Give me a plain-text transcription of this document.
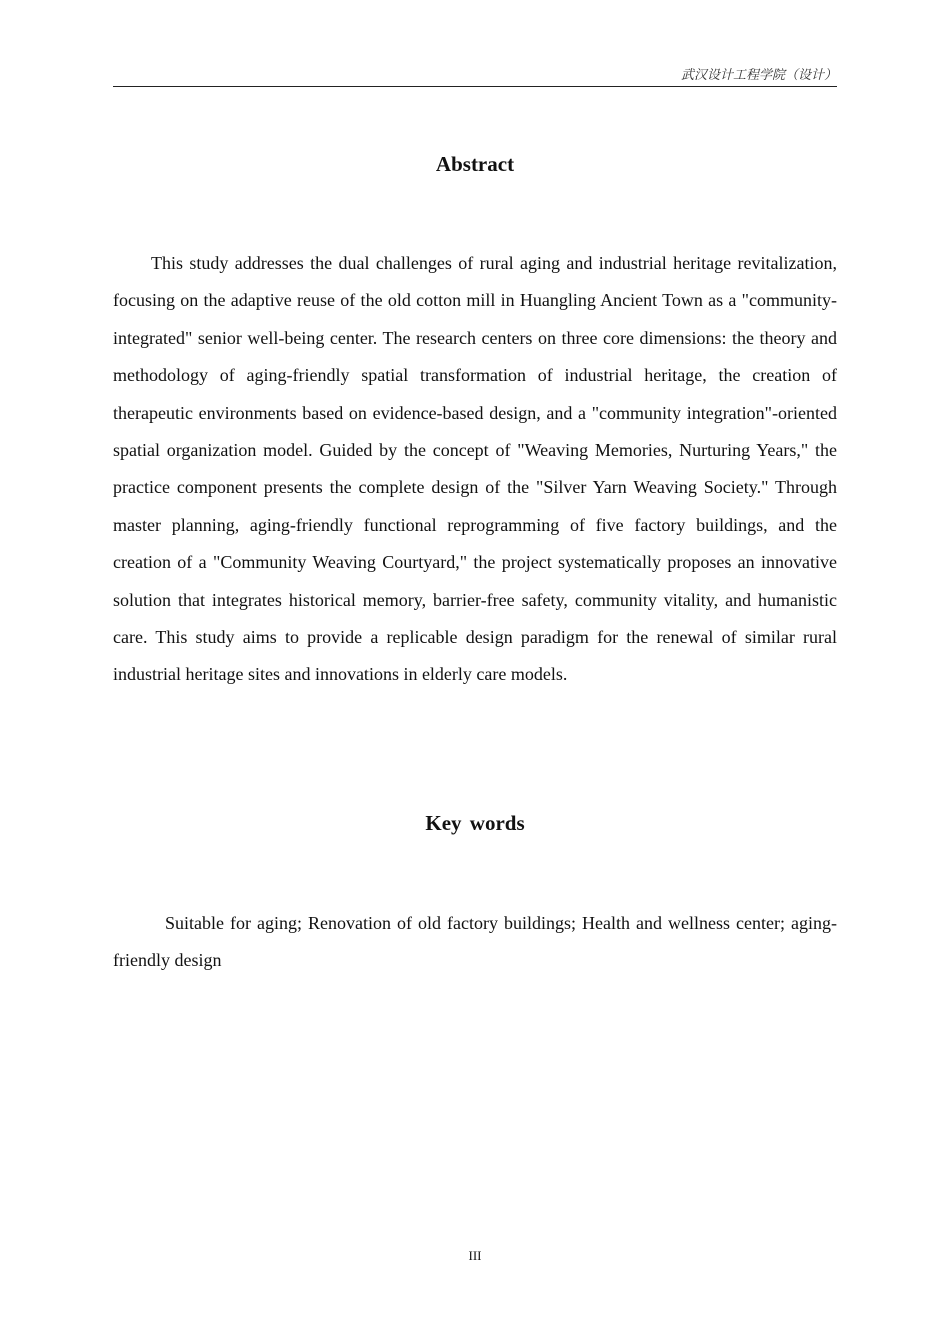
武汉设计工程学院（设计）
Abstract

This study addresses the dual challenges of rural aging and industrial heritage revitalization, focusing on the adaptive reuse of the old cotton mill in Huangling Ancient Town as a "community-integrated" senior well-being center. The research centers on three core dimensions: the theory and methodology of aging-friendly spatial transformation of industrial heritage, the creation of therapeutic environments based on evidence-based design, and a "community integration"-oriented spatial organization model. Guided by the concept of "Weaving Memories, Nurturing Years," the practice component presents the complete design of the "Silver Yarn Weaving Society." Through master planning, aging-friendly functional reprogramming of five factory buildings, and the creation of a "Community Weaving Courtyard," the project systematically proposes an innovative solution that integrates historical memory, barrier-free safety, community vitality, and humanistic care. This study aims to provide a replicable design paradigm for the renewal of similar rural industrial heritage sites and innovations in elderly care models.

Key words

Suitable for aging; Renovation of old factory buildings; Health and wellness center; aging-friendly design

III
